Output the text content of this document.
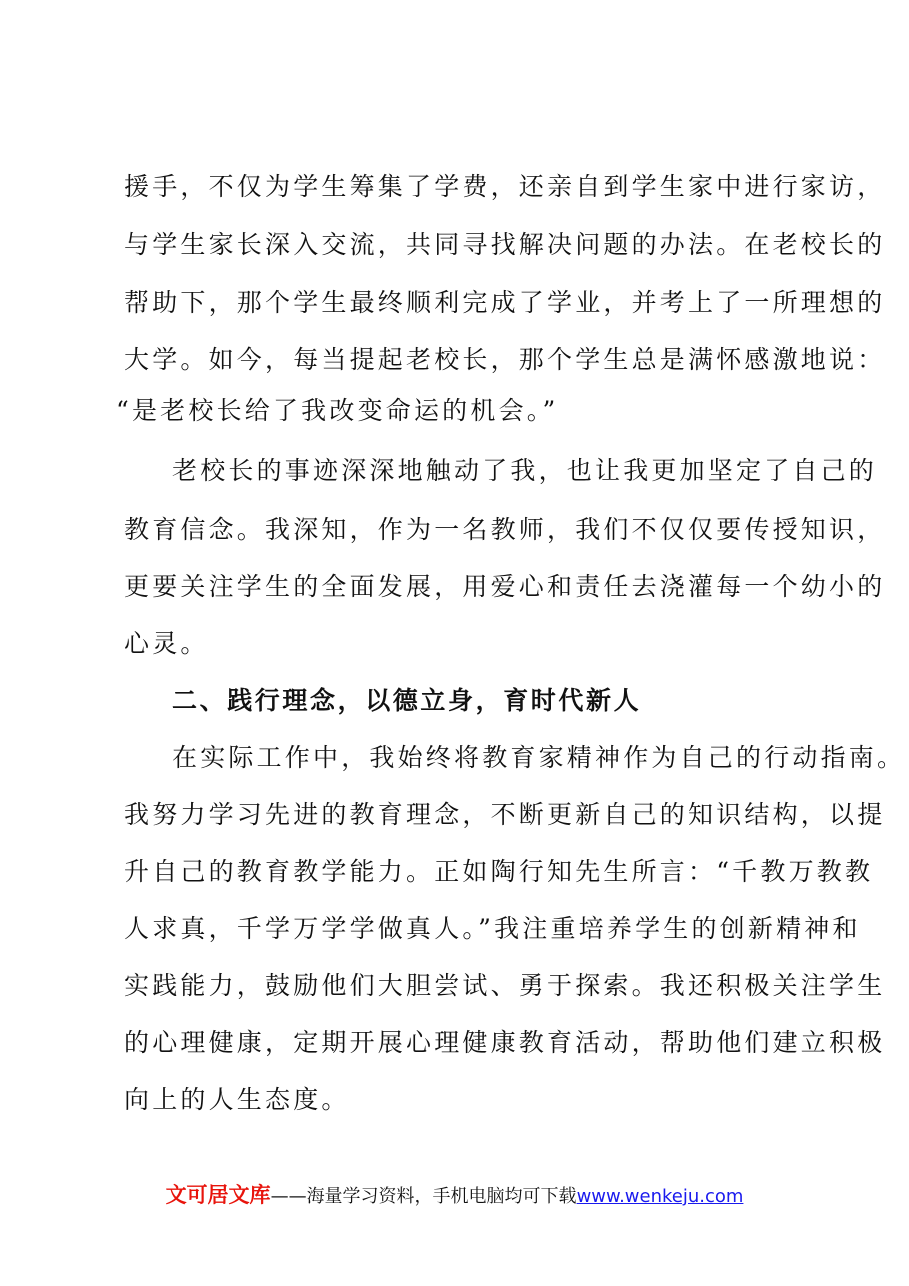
援手，不仅为学生筹集了学费，还亲自到学生家中进行家访，
与学生家长深入交流，共同寻找解决问题的办法。在老校长的
帮助下，那个学生最终顺利完成了学业，并考上了一所理想的
大学。如今，每当提起老校长，那个学生总是满怀感激地说：
“是老校长给了我改变命运的机会。”
老校长的事迹深深地触动了我，也让我更加坚定了自己的
教育信念。我深知，作为一名教师，我们不仅仅要传授知识，
更要关注学生的全面发展，用爱心和责任去浇灌每一个幼小的
心灵。
二、践行理念，以德立身，育时代新人
在实际工作中，我始终将教育家精神作为自己的行动指南。
我努力学习先进的教育理念，不断更新自己的知识结构，以提
升自己的教育教学能力。正如陶行知先生所言：“千教万教教
人求真，千学万学学做真人。”我注重培养学生的创新精神和
实践能力，鼓励他们大胆尝试、勇于探索。我还积极关注学生
的心理健康，定期开展心理健康教育活动，帮助他们建立积极
向上的人生态度。
文可居文库——海量学习资料，手机电脑均可下载www.wenkeju.com
